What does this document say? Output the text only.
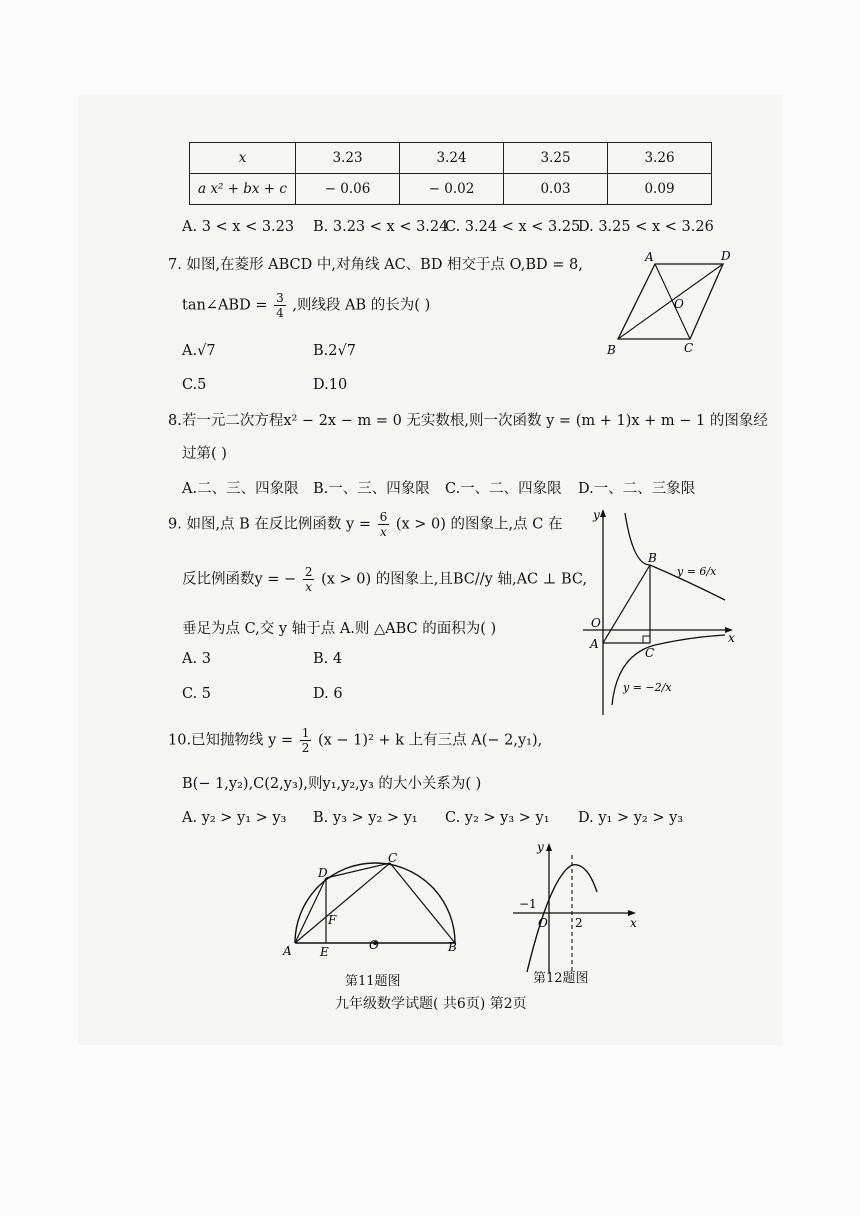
x	3.23	3.24	3.25	3.26
a x² + bx + c	− 0.06	− 0.02	0.03	0.09
A. 3 < x < 3.23 B. 3.23 < x < 3.24
C. 3.24 < x < 3.25
D. 3.25 < x < 3.26
7. 如图,在菱形 ABCD 中,对角线 AC、BD 相交于点 O,BD = 8,
tan∠ABD = $\frac{3}{4}$ ,则线段 AB 的长为( )
A.√7	B.2√7
C.5	D.10
A	D
O
B	C
8.若一元二次方程x² − 2x − m = 0 无实数根,则一次函数 y = (m + 1)x + m − 1 的图象经
过第( )
A.二、三、四象限 B.一、三、四象限 C.一、二、四象限 D.一、二、三象限
9. 如图,点 B 在反比例函数 $y = \frac{6}{x} (x > 0)$ 的图象上,点 C 在
反比例函数y = − $\frac{2}{x} (x > 0)$ 的图象上,且BC//y 轴,AC ⊥ BC,
垂足为点 C,交 y 轴于点 A.则 △ABC 的面积为( )
A. 3	B. 4
C. 5	D. 6
y
x
O
A
B
C
y = 6/x
y = −2/x
10.已知抛物线 $y = \frac{1}{2} (x - 1)^2 + k$ 上有三点 A(− 2,y₁),
B(− 1,y₂),C(2,y₃),则y₁,y₂,y₃ 的大小关系为( )
A. y₂ > y₁ > y₃ B. y₃ > y₂ > y₁ C. y₂ > y₃ > y₁ D. y₁ > y₂ > y₃
A E	O	B
D
C
F
第11题图
y
x
O
−1
2
第12题图
九年级数学试题( 共6页) 第2页
